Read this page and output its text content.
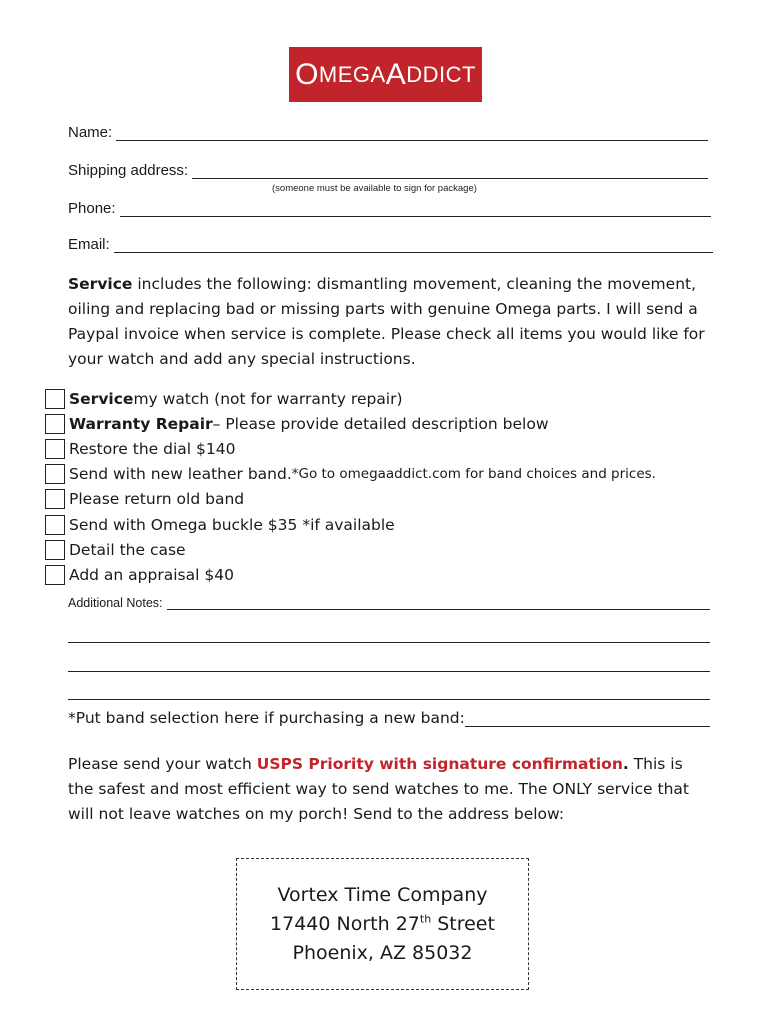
O MEGA A DDICT
Name:
Shipping address:
(someone must be available to sign for package)
Phone:
Email:
Service includes the following: dismantling movement, cleaning the movement, oiling and replacing bad or missing parts with genuine Omega parts. I will send a Paypal invoice when service is complete. Please check all items you would like for your watch and add any special instructions.
Service my watch (not for warranty repair)
Warranty Repair – Please provide detailed description below
Restore the dial $140
Send with new leather band. *Go to omegaaddict.com for band choices and prices.
Please return old band
Send with Omega buckle $35 *if available
Detail the case
Add an appraisal $40
Additional Notes:
*Put band selection here if purchasing a new band:
Please send your watch USPS Priority with signature confirmation. This is the safest and most efficient way to send watches to me. The ONLY service that will not leave watches on my porch! Send to the address below:
Vortex Time Company
17440 North 27th Street
Phoenix, AZ 85032
